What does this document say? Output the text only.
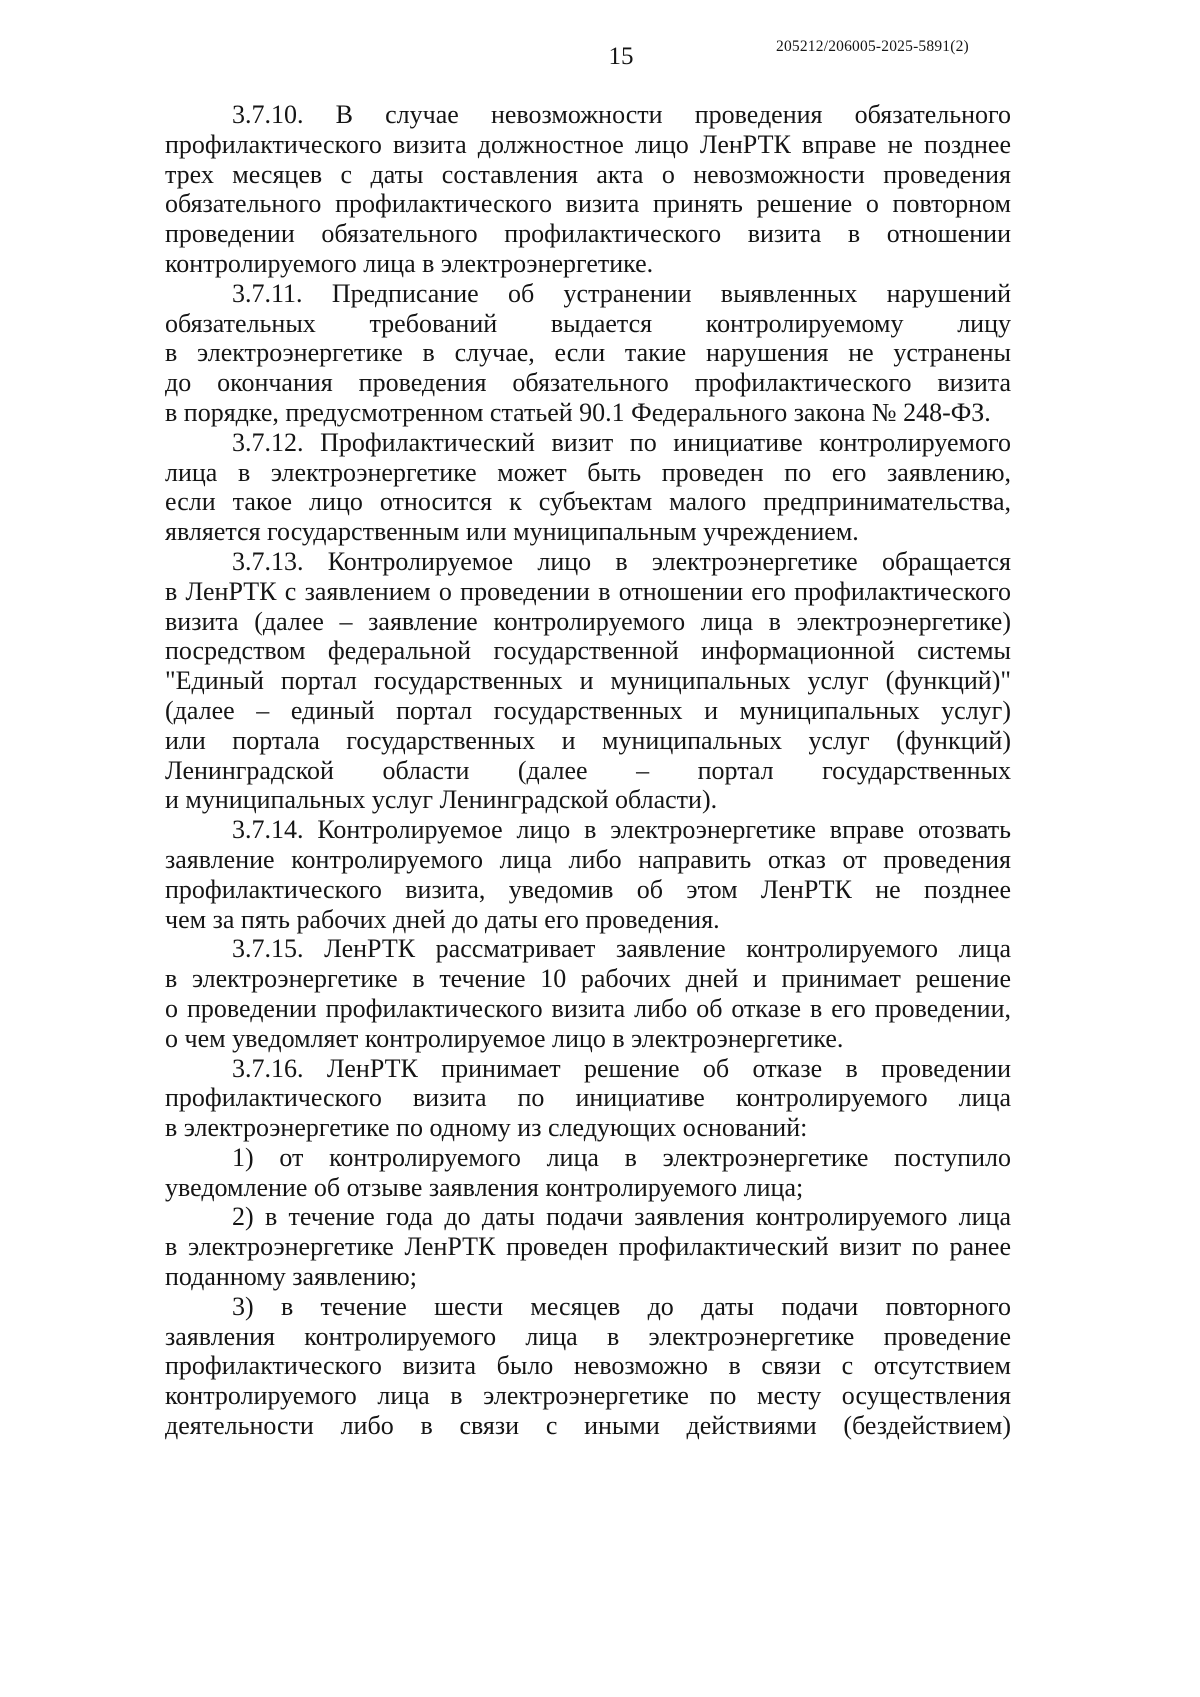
15	205212/206005-2025-5891(2)
3.7.10. В случае невозможности проведения обязательного
профилактического визита должностное лицо ЛенРТК вправе не позднее
трех месяцев с даты составления акта о невозможности проведения
обязательного профилактического визита принять решение о повторном
проведении обязательного профилактического визита в отношении
контролируемого лица в электроэнергетике.
3.7.11. Предписание об устранении выявленных нарушений
обязательных требований выдается контролируемому лицу
в электроэнергетике в случае, если такие нарушения не устранены
до окончания проведения обязательного профилактического визита
в порядке, предусмотренном статьей 90.1 Федерального закона № 248-ФЗ.
3.7.12. Профилактический визит по инициативе контролируемого
лица в электроэнергетике может быть проведен по его заявлению,
если такое лицо относится к субъектам малого предпринимательства,
является государственным или муниципальным учреждением.
3.7.13. Контролируемое лицо в электроэнергетике обращается
в ЛенРТК с заявлением о проведении в отношении его профилактического
визита (далее – заявление контролируемого лица в электроэнергетике)
посредством федеральной государственной информационной системы
"Единый портал государственных и муниципальных услуг (функций)"
(далее – единый портал государственных и муниципальных услуг)
или портала государственных и муниципальных услуг (функций)
Ленинградской области (далее – портал государственных
и муниципальных услуг Ленинградской области).
3.7.14. Контролируемое лицо в электроэнергетике вправе отозвать
заявление контролируемого лица либо направить отказ от проведения
профилактического визита, уведомив об этом ЛенРТК не позднее
чем за пять рабочих дней до даты его проведения.
3.7.15. ЛенРТК рассматривает заявление контролируемого лица
в электроэнергетике в течение 10 рабочих дней и принимает решение
о проведении профилактического визита либо об отказе в его проведении,
о чем уведомляет контролируемое лицо в электроэнергетике.
3.7.16. ЛенРТК принимает решение об отказе в проведении
профилактического визита по инициативе контролируемого лица
в электроэнергетике по одному из следующих оснований:
1) от контролируемого лица в электроэнергетике поступило
уведомление об отзыве заявления контролируемого лица;
2) в течение года до даты подачи заявления контролируемого лица
в электроэнергетике ЛенРТК проведен профилактический визит по ранее
поданному заявлению;
3) в течение шести месяцев до даты подачи повторного
заявления контролируемого лица в электроэнергетике проведение
профилактического визита было невозможно в связи с отсутствием
контролируемого лица в электроэнергетике по месту осуществления
деятельности либо в связи с иными действиями (бездействием)
